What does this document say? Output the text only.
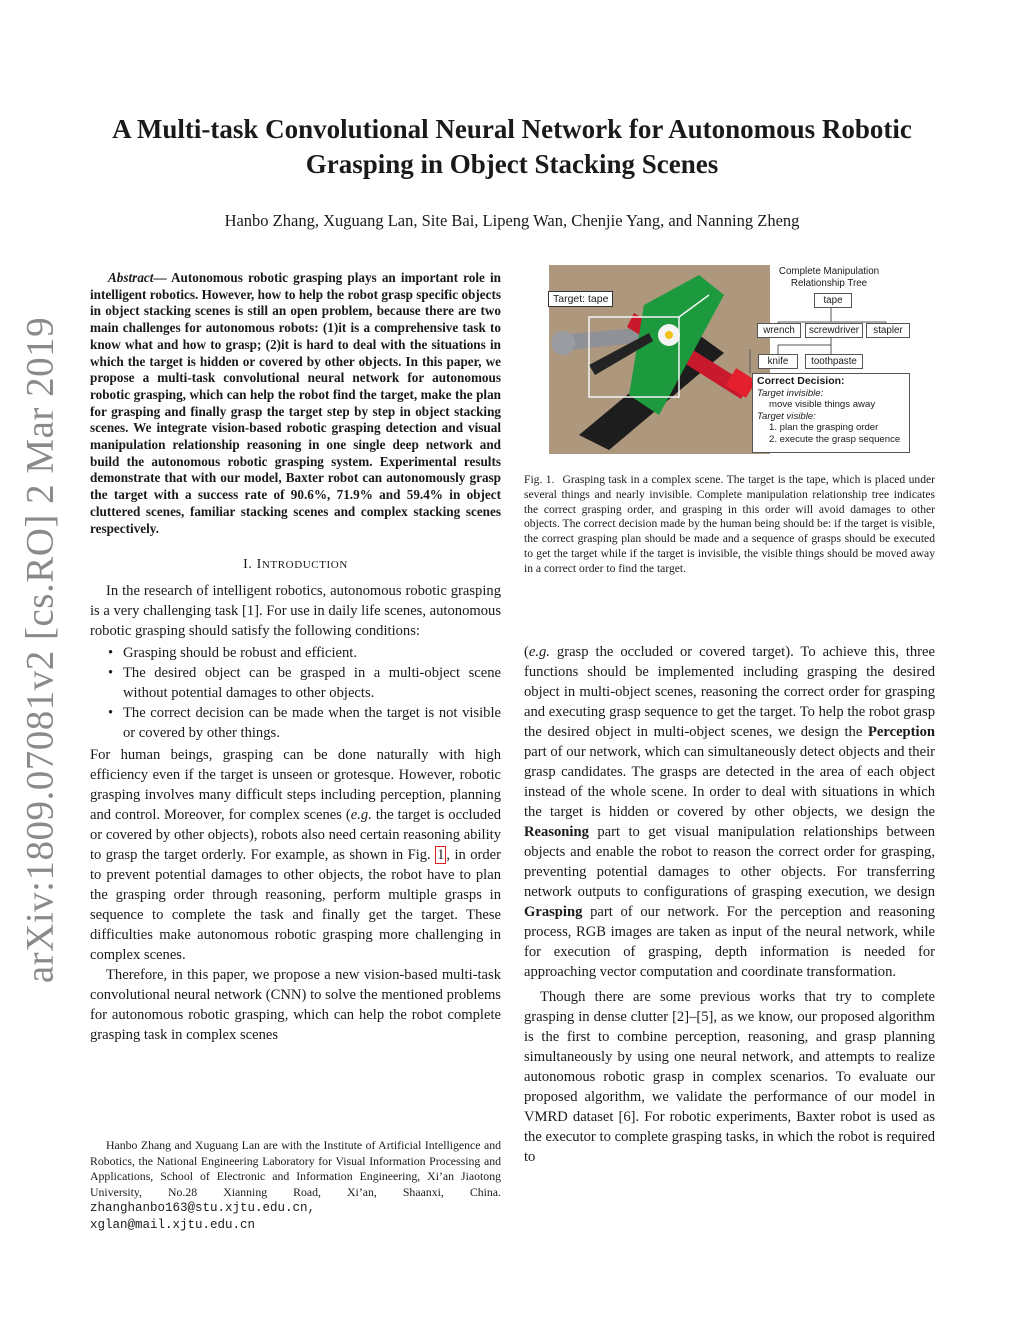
arXiv:1809.07081v2 [cs.RO] 2 Mar 2019
A Multi-task Convolutional Neural Network for Autonomous Robotic Grasping in Object Stacking Scenes

Hanbo Zhang, Xuguang Lan, Site Bai, Lipeng Wan, Chenjie Yang, and Nanning Zheng

Abstract— Autonomous robotic grasping plays an important role in intelligent robotics. However, how to help the robot grasp specific objects in object stacking scenes is still an open problem, because there are two main challenges for autonomous robots: (1)it is a comprehensive task to know what and how to grasp; (2)it is hard to deal with the situations in which the target is hidden or covered by other objects. In this paper, we propose a multi-task convolutional neural network for autonomous robotic grasping, which can help the robot find the target, make the plan for grasping and finally grasp the target step by step in object stacking scenes. We integrate vision-based robotic grasping detection and visual manipulation relationship reasoning in one single deep network and build the autonomous robotic grasping system. Experimental results demonstrate that with our model, Baxter robot can autonomously grasp the target with a success rate of 90.6%, 71.9% and 59.4% in object cluttered scenes, familiar stacking scenes and complex stacking scenes respectively.

I. INTRODUCTION

In the research of intelligent robotics, autonomous robotic grasping is a very challenging task [1]. For use in daily life scenes, autonomous robotic grasping should satisfy the following conditions:

• Grasping should be robust and efficient.
• The desired object can be grasped in a multi-object scene without potential damages to other objects.
• The correct decision can be made when the target is not visible or covered by other things.

For human beings, grasping can be done naturally with high efficiency even if the target is unseen or grotesque. However, robotic grasping involves many difficult steps including perception, planning and control. Moreover, for complex scenes (e.g. the target is occluded or covered by other objects), robots also need certain reasoning ability to grasp the target orderly. For example, as shown in Fig. 1 , in order to prevent potential damages to other objects, the robot have to plan the grasping order through reasoning, perform multiple grasps in sequence to complete the task and finally get the target. These difficulties make autonomous robotic grasping more challenging in complex scenes.

Therefore, in this paper, we propose a new vision-based multi-task convolutional neural network (CNN) to solve the mentioned problems for autonomous robotic grasping, which can help the robot complete grasping task in complex scenes

Hanbo Zhang and Xuguang Lan are with the Institute of Artificial Intelligence and Robotics, the National Engineering Laboratory for Visual Information Processing and Applications, School of Electronic and Information Engineering, Xi’an Jiaotong University, No.28 Xianning Road, Xi’an, Shaanxi, China. zhanghanbo163@stu.xjtu.edu.cn,
xglan@mail.xjtu.edu.cn

Target: tape
Complete Manipulation
Relationship Tree
tape
wrench	screwdriver	stapler
knife	toothpaste
Correct Decision:
Target invisible:
move visible things away
Target visible:
1. plan the grasping order
2. execute the grasp sequence

Fig. 1. Grasping task in a complex scene. The target is the tape, which is placed under several things and nearly invisible. Complete manipulation relationship tree indicates the correct grasping order, and grasping in this order will avoid damages to other objects. The correct decision made by the human being should be: if the target is visible, the correct grasping plan should be made and a sequence of grasps should be executed to get the target while if the target is invisible, the visible things should be moved away in a correct order to find the target.

(e.g. grasp the occluded or covered target). To achieve this, three functions should be implemented including grasping the desired object in multi-object scenes, reasoning the correct order for grasping and executing grasp sequence to get the target. To help the robot grasp the desired object in multi-object scenes, we design the Perception part of our network, which can simultaneously detect objects and their grasp candidates. The grasps are detected in the area of each object instead of the whole scene. In order to deal with situations in which the target is hidden or covered by other objects, we design the Reasoning part to get visual manipulation relationships between objects and enable the robot to reason the correct order for grasping, preventing potential damages to other objects. For transferring network outputs to configurations of grasping execution, we design Grasping part of our network. For the perception and reasoning process, RGB images are taken as input of the neural network, while for execution of grasping, depth information is needed for approaching vector computation and coordinate transformation.

Though there are some previous works that try to complete grasping in dense clutter [2]–[5], as we know, our proposed algorithm is the first to combine perception, reasoning, and grasp planning simultaneously by using one neural network, and attempts to realize autonomous robotic grasp in complex scenarios. To evaluate our proposed algorithm, we validate the performance of our model in VMRD dataset [6]. For robotic experiments, Baxter robot is used as the executor to complete grasping tasks, in which the robot is required to
